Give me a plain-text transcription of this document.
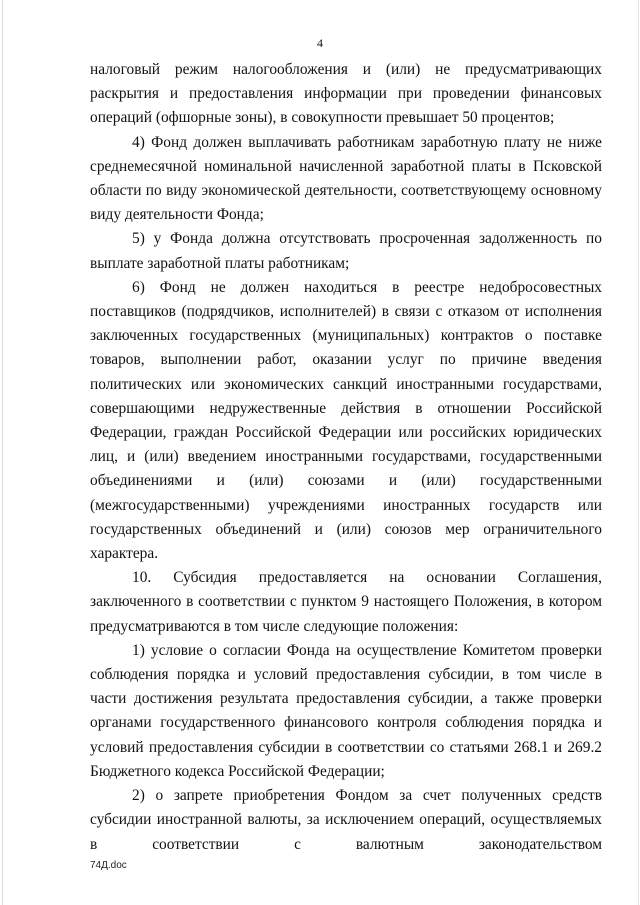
4

налоговый режим налогообложения и (или) не предусматривающих раскрытия и предоставления информации при проведении финансовых операций (офшорные зоны), в совокупности превышает 50 процентов;

4) Фонд должен выплачивать работникам заработную плату не ниже среднемесячной номинальной начисленной заработной платы в Псковской области по виду экономической деятельности, соответствующему основному виду деятельности Фонда;

5) у Фонда должна отсутствовать просроченная задолженность по выплате заработной платы работникам;

6) Фонд не должен находиться в реестре недобросовестных поставщиков (подрядчиков, исполнителей) в связи с отказом от исполнения заключенных государственных (муниципальных) контрактов о поставке товаров, выполнении работ, оказании услуг по причине введения политических или экономических санкций иностранными государствами, совершающими недружественные действия в отношении Российской Федерации, граждан Российской Федерации или российских юридических лиц, и (или) введением иностранными государствами, государственными объединениями и (или) союзами и (или) государственными (межгосударственными) учреждениями иностранных государств или государственных объединений и (или) союзов мер ограничительного характера.

10. Субсидия предоставляется на основании Соглашения, заключенного в соответствии с пунктом 9 настоящего Положения, в котором предусматриваются в том числе следующие положения:

1) условие о согласии Фонда на осуществление Комитетом проверки соблюдения порядка и условий предоставления субсидии, в том числе в части достижения результата предоставления субсидии, а также проверки органами государственного финансового контроля соблюдения порядка и условий предоставления субсидии в соответствии со статьями 268.1 и 269.2 Бюджетного кодекса Российской Федерации;

2) о запрете приобретения Фондом за счет полученных средств субсидии иностранной валюты, за исключением операций, осуществляемых в соответствии с валютным законодательством

74Д.doc
